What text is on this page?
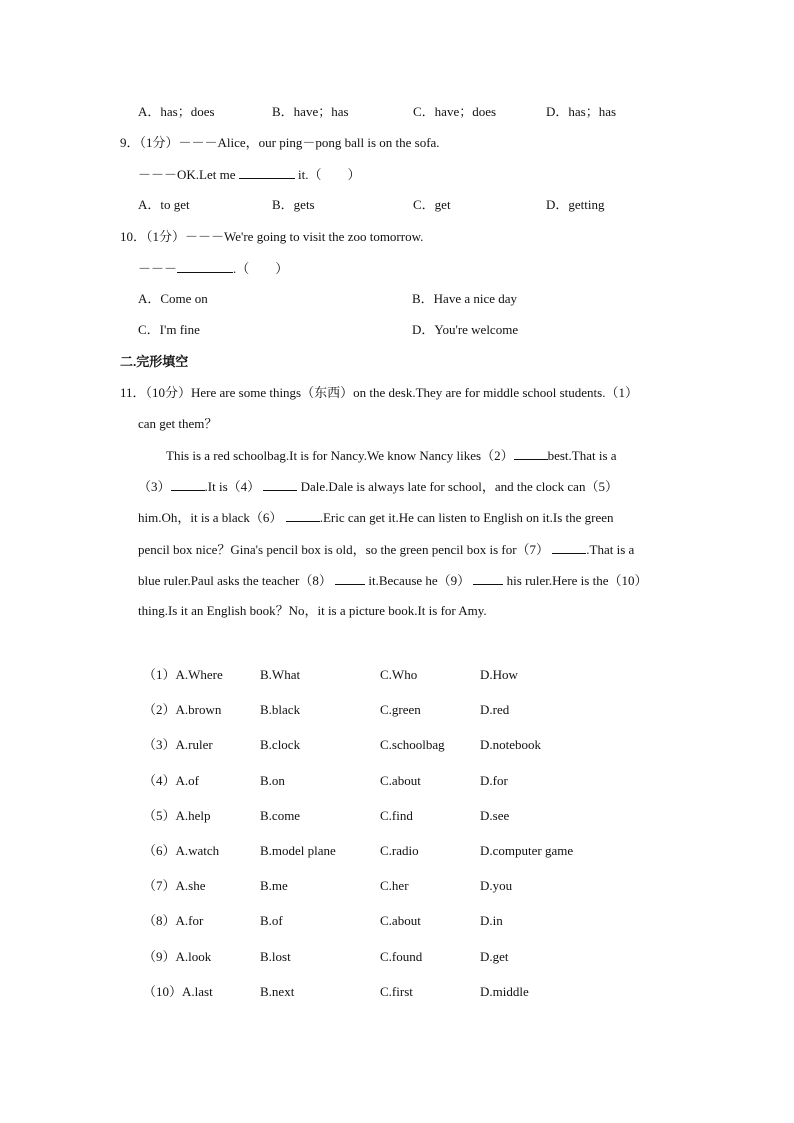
A．has；does	B．have；has	C．have；does	D．has；has
9．（1分）－－－Alice，our ping－pong ball is on the sofa.
－－－OK.Let me	it.（　　）
A．to get	B．gets	C．get	D．getting
10．（1分）－－－We're going to visit the zoo tomorrow.
－－－	.（　　）
A．Come on	B．Have a nice day
C．I'm fine	D．You're welcome
二.完形填空
11．（10分）Here are some things（东西）on the desk.They are for middle school students.（1）
can get them？
This is a red schoolbag.It is for Nancy.We know Nancy likes（2）	best.That is a
（3）	.It is（4）	Dale.Dale is always late for school，and the clock can（5）
him.Oh，it is a black（6）	.Eric can get it.He can listen to English on it.Is the green
pencil box nice？Gina's pencil box is old，so the green pencil box is for（7）	.That is a
blue ruler.Paul asks the teacher（8）	it.Because he（9）	his ruler.Here is the（10）
thing.Is it an English book？No，it is a picture book.It is for Amy.
（1）A.Where	B.What	C.Who	D.How
（2）A.brown	B.black	C.green	D.red
（3）A.ruler	B.clock	C.schoolbag	D.notebook
（4）A.of	B.on	C.about	D.for
（5）A.help	B.come	C.find	D.see
（6）A.watch	B.model plane	C.radio	D.computer game
（7）A.she	B.me	C.her	D.you
（8）A.for	B.of	C.about	D.in
（9）A.look	B.lost	C.found	D.get
（10）A.last	B.next	C.first	D.middle
